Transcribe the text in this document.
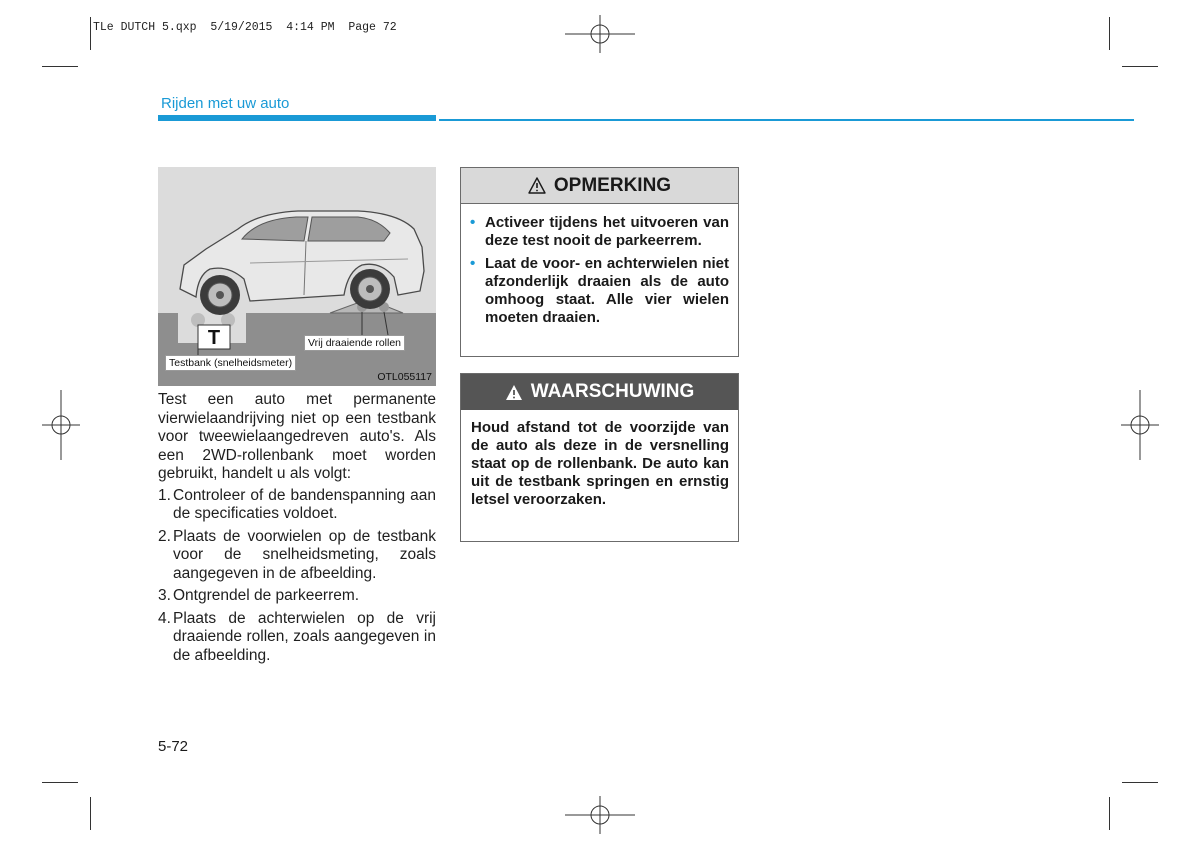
TLe DUTCH 5.qxp  5/19/2015  4:14 PM  Page 72
Rijden met uw auto
T	Vrij draaiende rollen
Testbank (snelheidsmeter)
OTL055117

Test een auto met permanente vierwielaandrijving niet op een testbank voor tweewielaangedreven auto's. Als een 2WD-rollenbank moet worden gebruikt, handelt u als volgt:

1. Controleer of de bandenspanning aan de specificaties voldoet.
2. Plaats de voorwielen op de testbank voor de snelheidsmeting, zoals aangegeven in de afbeelding.
3. Ontgrendel de parkeerrem.
4. Plaats de achterwielen op de vrij draaiende rollen, zoals aangegeven in de afbeelding.
OPMERKING
• Activeer tijdens het uitvoeren van deze test nooit de parkeerrem.
• Laat de voor- en achterwielen niet afzonderlijk draaien als de auto omhoog staat. Alle vier wielen moeten draaien.
WAARSCHUWING
Houd afstand tot de voorzijde van de auto als deze in de versnelling staat op de rollenbank. De auto kan uit de testbank springen en ernstig letsel veroorzaken.
5-72
